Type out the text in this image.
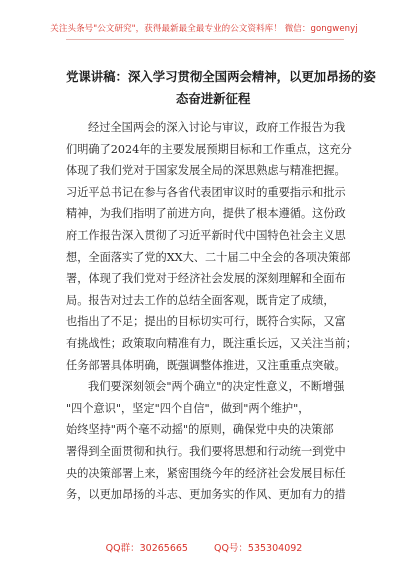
关注头条号"公文研究"，获得最新最全最专业的公文资料库！ 微信：gongwenyj
党课讲稿：深入学习贯彻全国两会精神，以更加昂扬的姿
态奋进新征程
经过全国两会的深入讨论与审议，政府工作报告为我
们明确了2024年的主要发展预期目标和工作重点，这充分
体现了我们党对于国家发展全局的深思熟虑与精准把握。
习近平总书记在参与各省代表团审议时的重要指示和批示
精神，为我们指明了前进方向，提供了根本遵循。这份政
府工作报告深入贯彻了习近平新时代中国特色社会主义思
想，全面落实了党的XX大、二十届二中全会的各项决策部
署，体现了我们党对于经济社会发展的深刻理解和全面布
局。报告对过去工作的总结全面客观，既肯定了成绩，
也指出了不足；提出的目标切实可行，既符合实际，又富
有挑战性；政策取向精准有力，既注重长远，又关注当前；
任务部署具体明确，既强调整体推进，又注重重点突破。
我们要深刻领会"两个确立"的决定性意义，不断增强
"四个意识"，坚定"四个自信"，做到"两个维护"，
始终坚持"两个毫不动摇"的原则，确保党中央的决策部
署得到全面贯彻和执行。我们要将思想和行动统一到党中
央的决策部署上来，紧密围绕今年的经济社会发展目标任
务，以更加昂扬的斗志、更加务实的作风、更加有力的措
QQ群：30265665	QQ号：535304092
